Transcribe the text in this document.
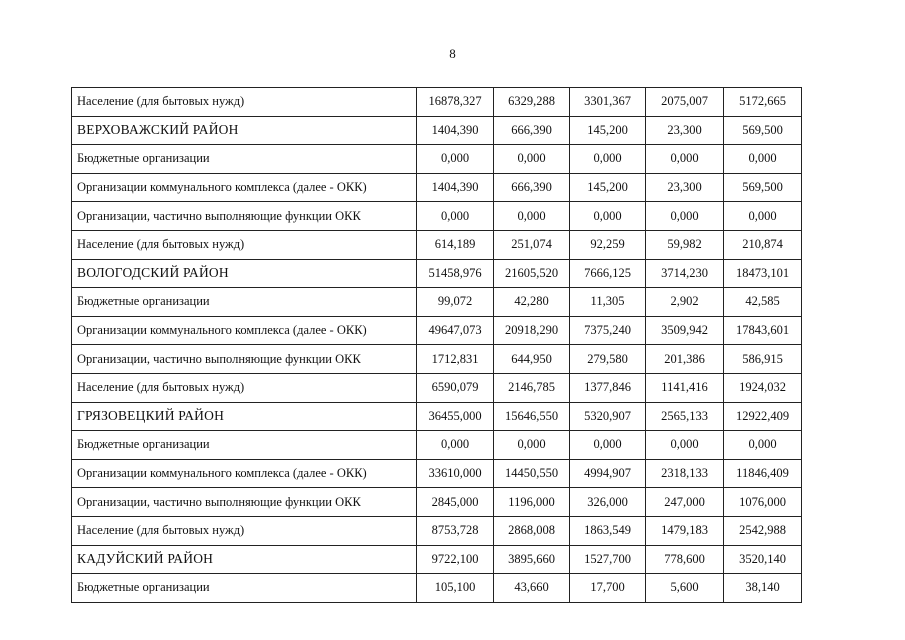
8
Население (для бытовых нужд)	16878,327	6329,288	3301,367	2075,007	5172,665
ВЕРХОВАЖСКИЙ РАЙОН	1404,390	666,390	145,200	23,300	569,500
Бюджетные организации	0,000	0,000	0,000	0,000	0,000
Организации коммунального комплекса (далее - ОКК)	1404,390	666,390	145,200	23,300	569,500
Организации, частично выполняющие функции ОКК	0,000	0,000	0,000	0,000	0,000
Население (для бытовых нужд)	614,189	251,074	92,259	59,982	210,874
ВОЛОГОДСКИЙ РАЙОН	51458,976	21605,520	7666,125	3714,230	18473,101
Бюджетные организации	99,072	42,280	11,305	2,902	42,585
Организации коммунального комплекса (далее - ОКК)	49647,073	20918,290	7375,240	3509,942	17843,601
Организации, частично выполняющие функции ОКК	1712,831	644,950	279,580	201,386	586,915
Население (для бытовых нужд)	6590,079	2146,785	1377,846	1141,416	1924,032
ГРЯЗОВЕЦКИЙ РАЙОН	36455,000	15646,550	5320,907	2565,133	12922,409
Бюджетные организации	0,000	0,000	0,000	0,000	0,000
Организации коммунального комплекса (далее - ОКК)	33610,000	14450,550	4994,907	2318,133	11846,409
Организации, частично выполняющие функции ОКК	2845,000	1196,000	326,000	247,000	1076,000
Население (для бытовых нужд)	8753,728	2868,008	1863,549	1479,183	2542,988
КАДУЙСКИЙ РАЙОН	9722,100	3895,660	1527,700	778,600	3520,140
Бюджетные организации	105,100	43,660	17,700	5,600	38,140
